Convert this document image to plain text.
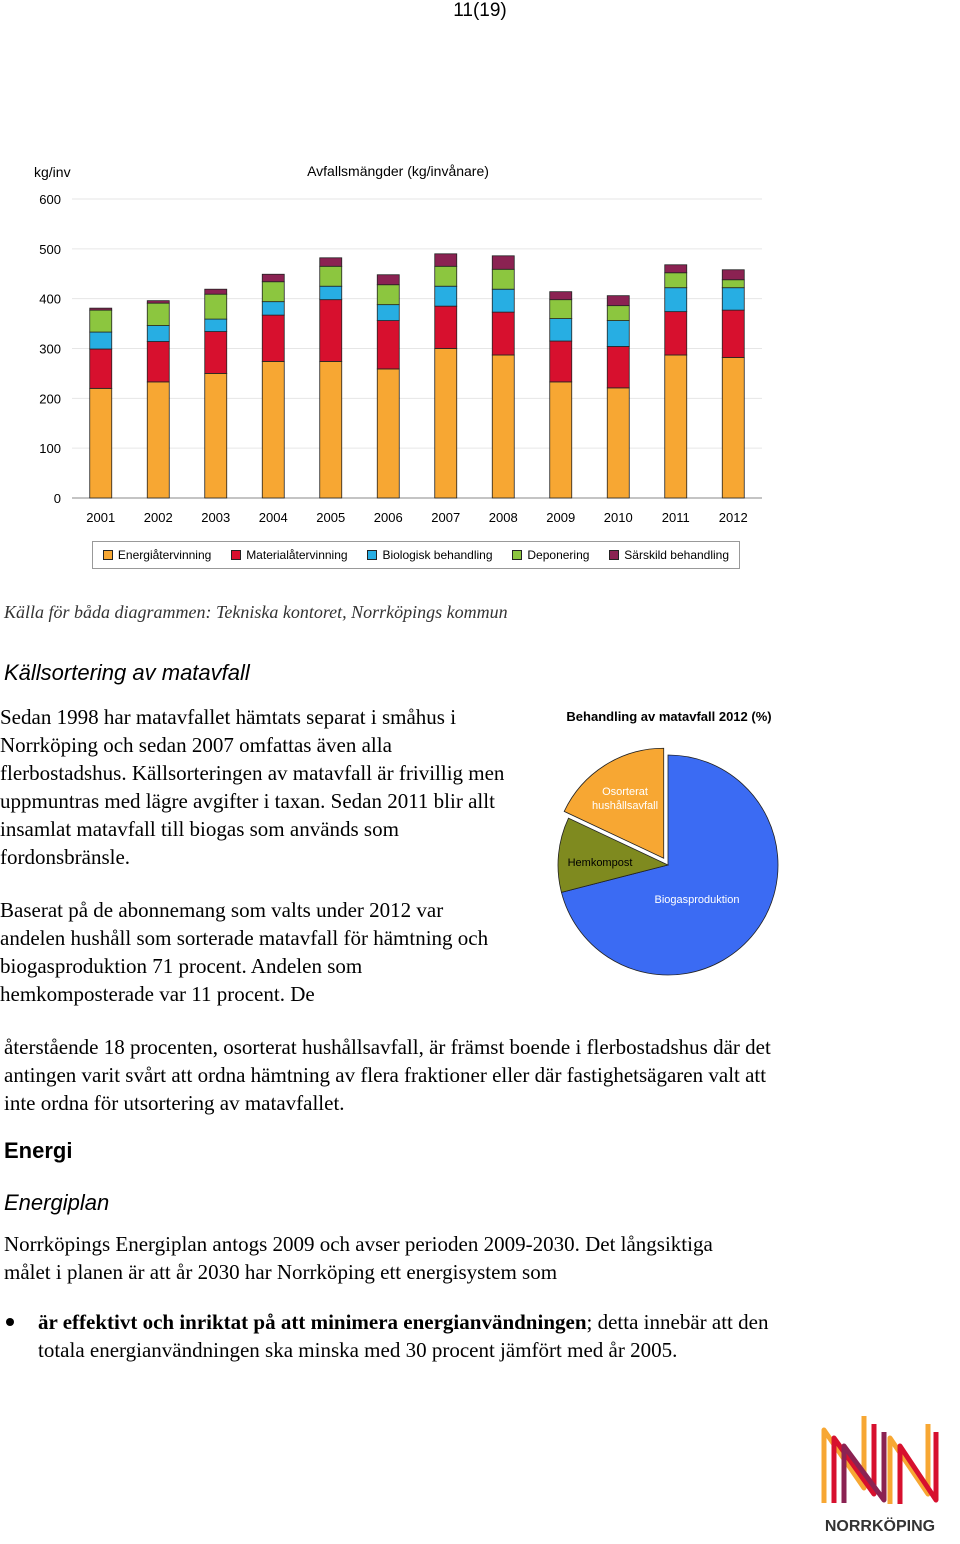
11(19)
kg/inv	Avfallsmängder (kg/invånare)
0
100
200
300
400
500
600
2001 2002 2003 2004 2005 2006 2007 2008 2009 2010 2011 2012
Energiåtervinning	Materialåtervinning	Biologisk behandling	Deponering	Särskild behandling
Källa för båda diagrammen: Tekniska kontoret, Norrköpings kommun
Källsortering av matavfall
Sedan 1998 har matavfallet hämtats separat i småhus i Norrköping och sedan 2007 omfattas även alla flerbostadshus. Källsorteringen av matavfall är frivillig men uppmuntras med lägre avgifter i taxan. Sedan 2011 blir allt insamlat matavfall till biogas som används som fordonsbränsle.
Baserat på de abonnemang som valts under 2012 var andelen hushåll som sorterade matavfall för hämtning och biogasproduktion 71 procent. Andelen som hemkomposterade var 11 procent. De
Behandling av matavfall 2012 (%)
Biogasproduktion
Hemkompost
Osorterat hushållsavfall
återstående 18 procenten, osorterat hushållsavfall, är främst boende i flerbostadshus där det antingen varit svårt att ordna hämtning av flera fraktioner eller där fastighetsägaren valt att inte ordna för utsortering av matavfallet.
Energi
Energiplan
Norrköpings Energiplan antogs 2009 och avser perioden 2009-2030. Det långsiktiga målet i planen är att år 2030 har Norrköping ett energisystem som
är effektivt och inriktat på att minimera energianvändningen; detta innebär att den totala energianvändningen ska minska med 30 procent jämfört med år 2005.
NORRKÖPING
